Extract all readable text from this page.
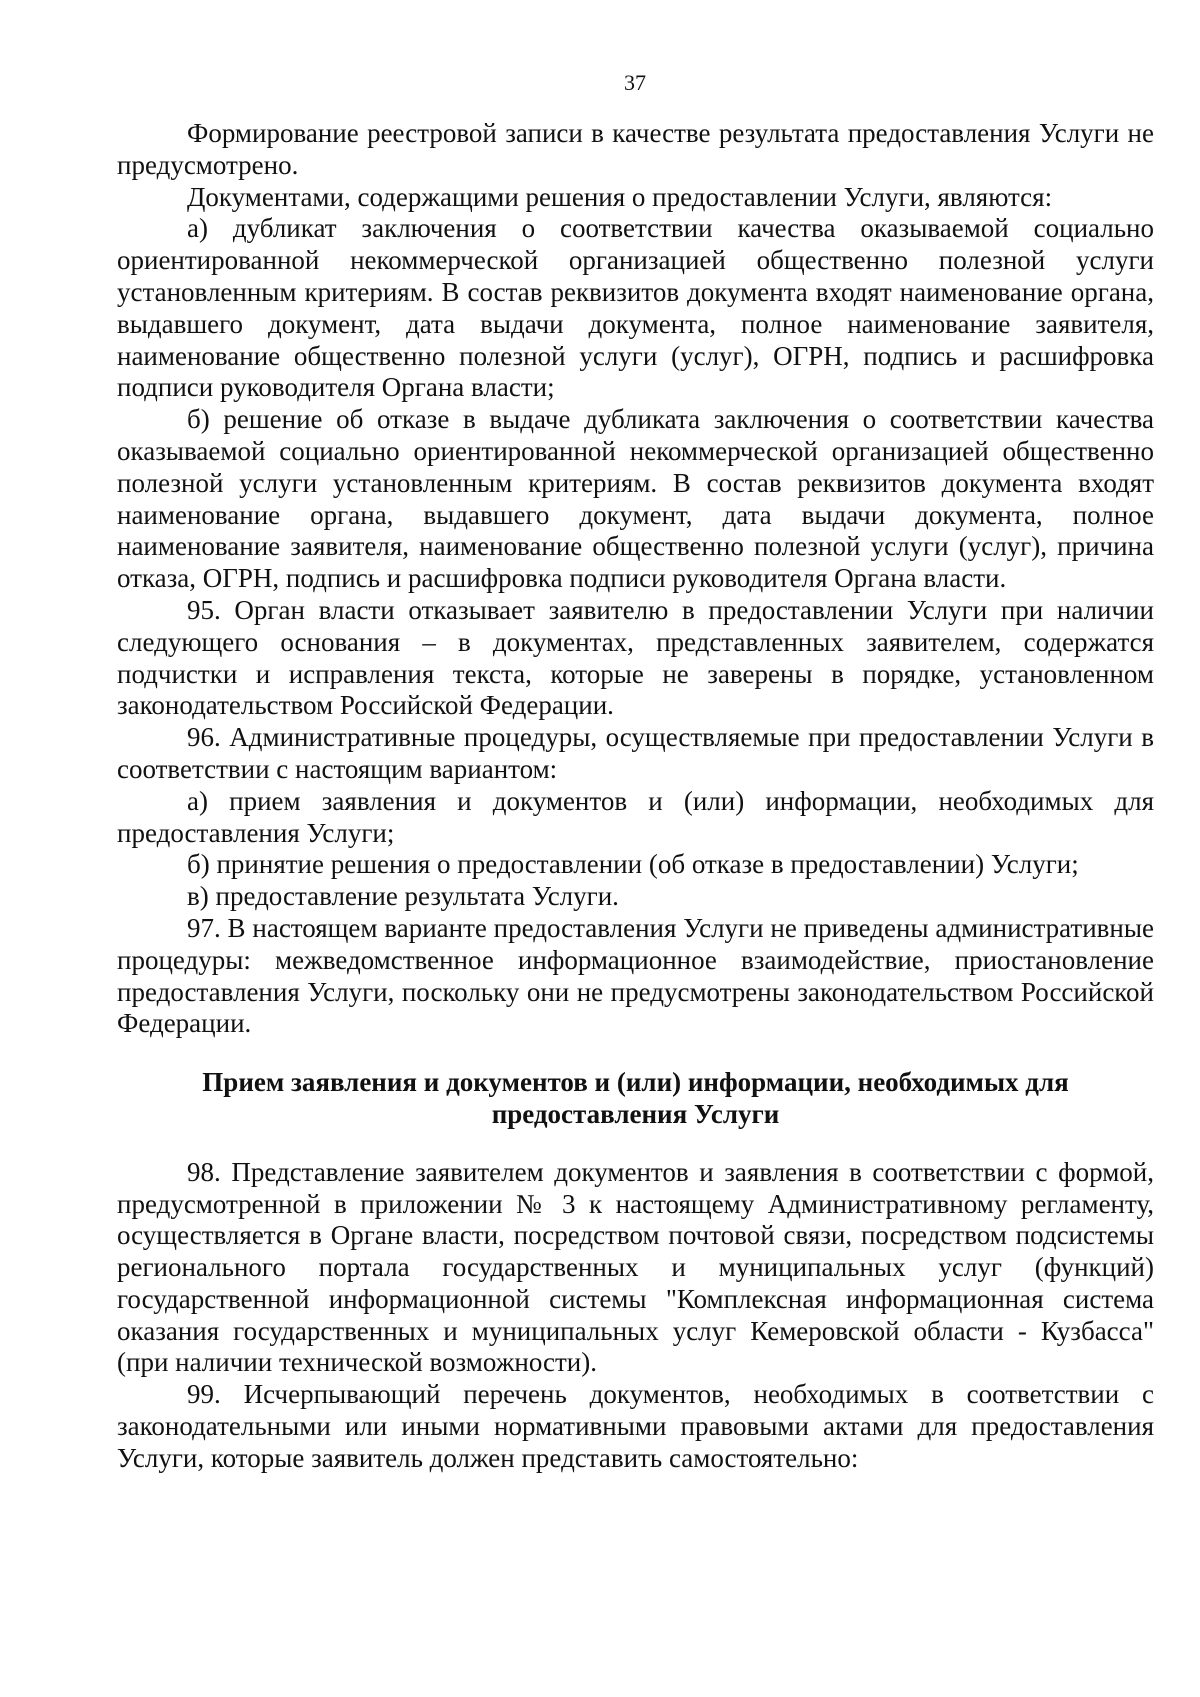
37

Формирование реестровой записи в качестве результата предоставления Услуги не предусмотрено.

Документами, содержащими решения о предоставлении Услуги, являются:

а) дубликат заключения о соответствии качества оказываемой социально ориентированной некоммерческой организацией общественно полезной услуги установленным критериям. В состав реквизитов документа входят наименование органа, выдавшего документ, дата выдачи документа, полное наименование заявителя, наименование общественно полезной услуги (услуг), ОГРН, подпись и расшифровка подписи руководителя Органа власти;

б) решение об отказе в выдаче дубликата заключения о соответствии качества оказываемой социально ориентированной некоммерческой организацией общественно полезной услуги установленным критериям. В состав реквизитов документа входят наименование органа, выдавшего документ, дата выдачи документа, полное наименование заявителя, наименование общественно полезной услуги (услуг), причина отказа, ОГРН, подпись и расшифровка подписи руководителя Органа власти.

95. Орган власти отказывает заявителю в предоставлении Услуги при наличии следующего основания – в документах, представленных заявителем, содержатся подчистки и исправления текста, которые не заверены в порядке, установленном законодательством Российской Федерации.

96. Административные процедуры, осуществляемые при предоставлении Услуги в соответствии с настоящим вариантом:

а) прием заявления и документов и (или) информации, необходимых для предоставления Услуги;

б) принятие решения о предоставлении (об отказе в предоставлении) Услуги;

в) предоставление результата Услуги.

97. В настоящем варианте предоставления Услуги не приведены административные процедуры: межведомственное информационное взаимодействие, приостановление предоставления Услуги, поскольку они не предусмотрены законодательством Российской Федерации.

Прием заявления и документов и (или) информации, необходимых для предоставления Услуги

98. Представление заявителем документов и заявления в соответствии с формой, предусмотренной в приложении № 3 к настоящему Административному регламенту, осуществляется в Органе власти, посредством почтовой связи, посредством подсистемы регионального портала государственных и муниципальных услуг (функций) государственной информационной системы "Комплексная информационная система оказания государственных и муниципальных услуг Кемеровской области - Кузбасса" (при наличии технической возможности).

99. Исчерпывающий перечень документов, необходимых в соответствии с законодательными или иными нормативными правовыми актами для предоставления Услуги, которые заявитель должен представить самостоятельно:
